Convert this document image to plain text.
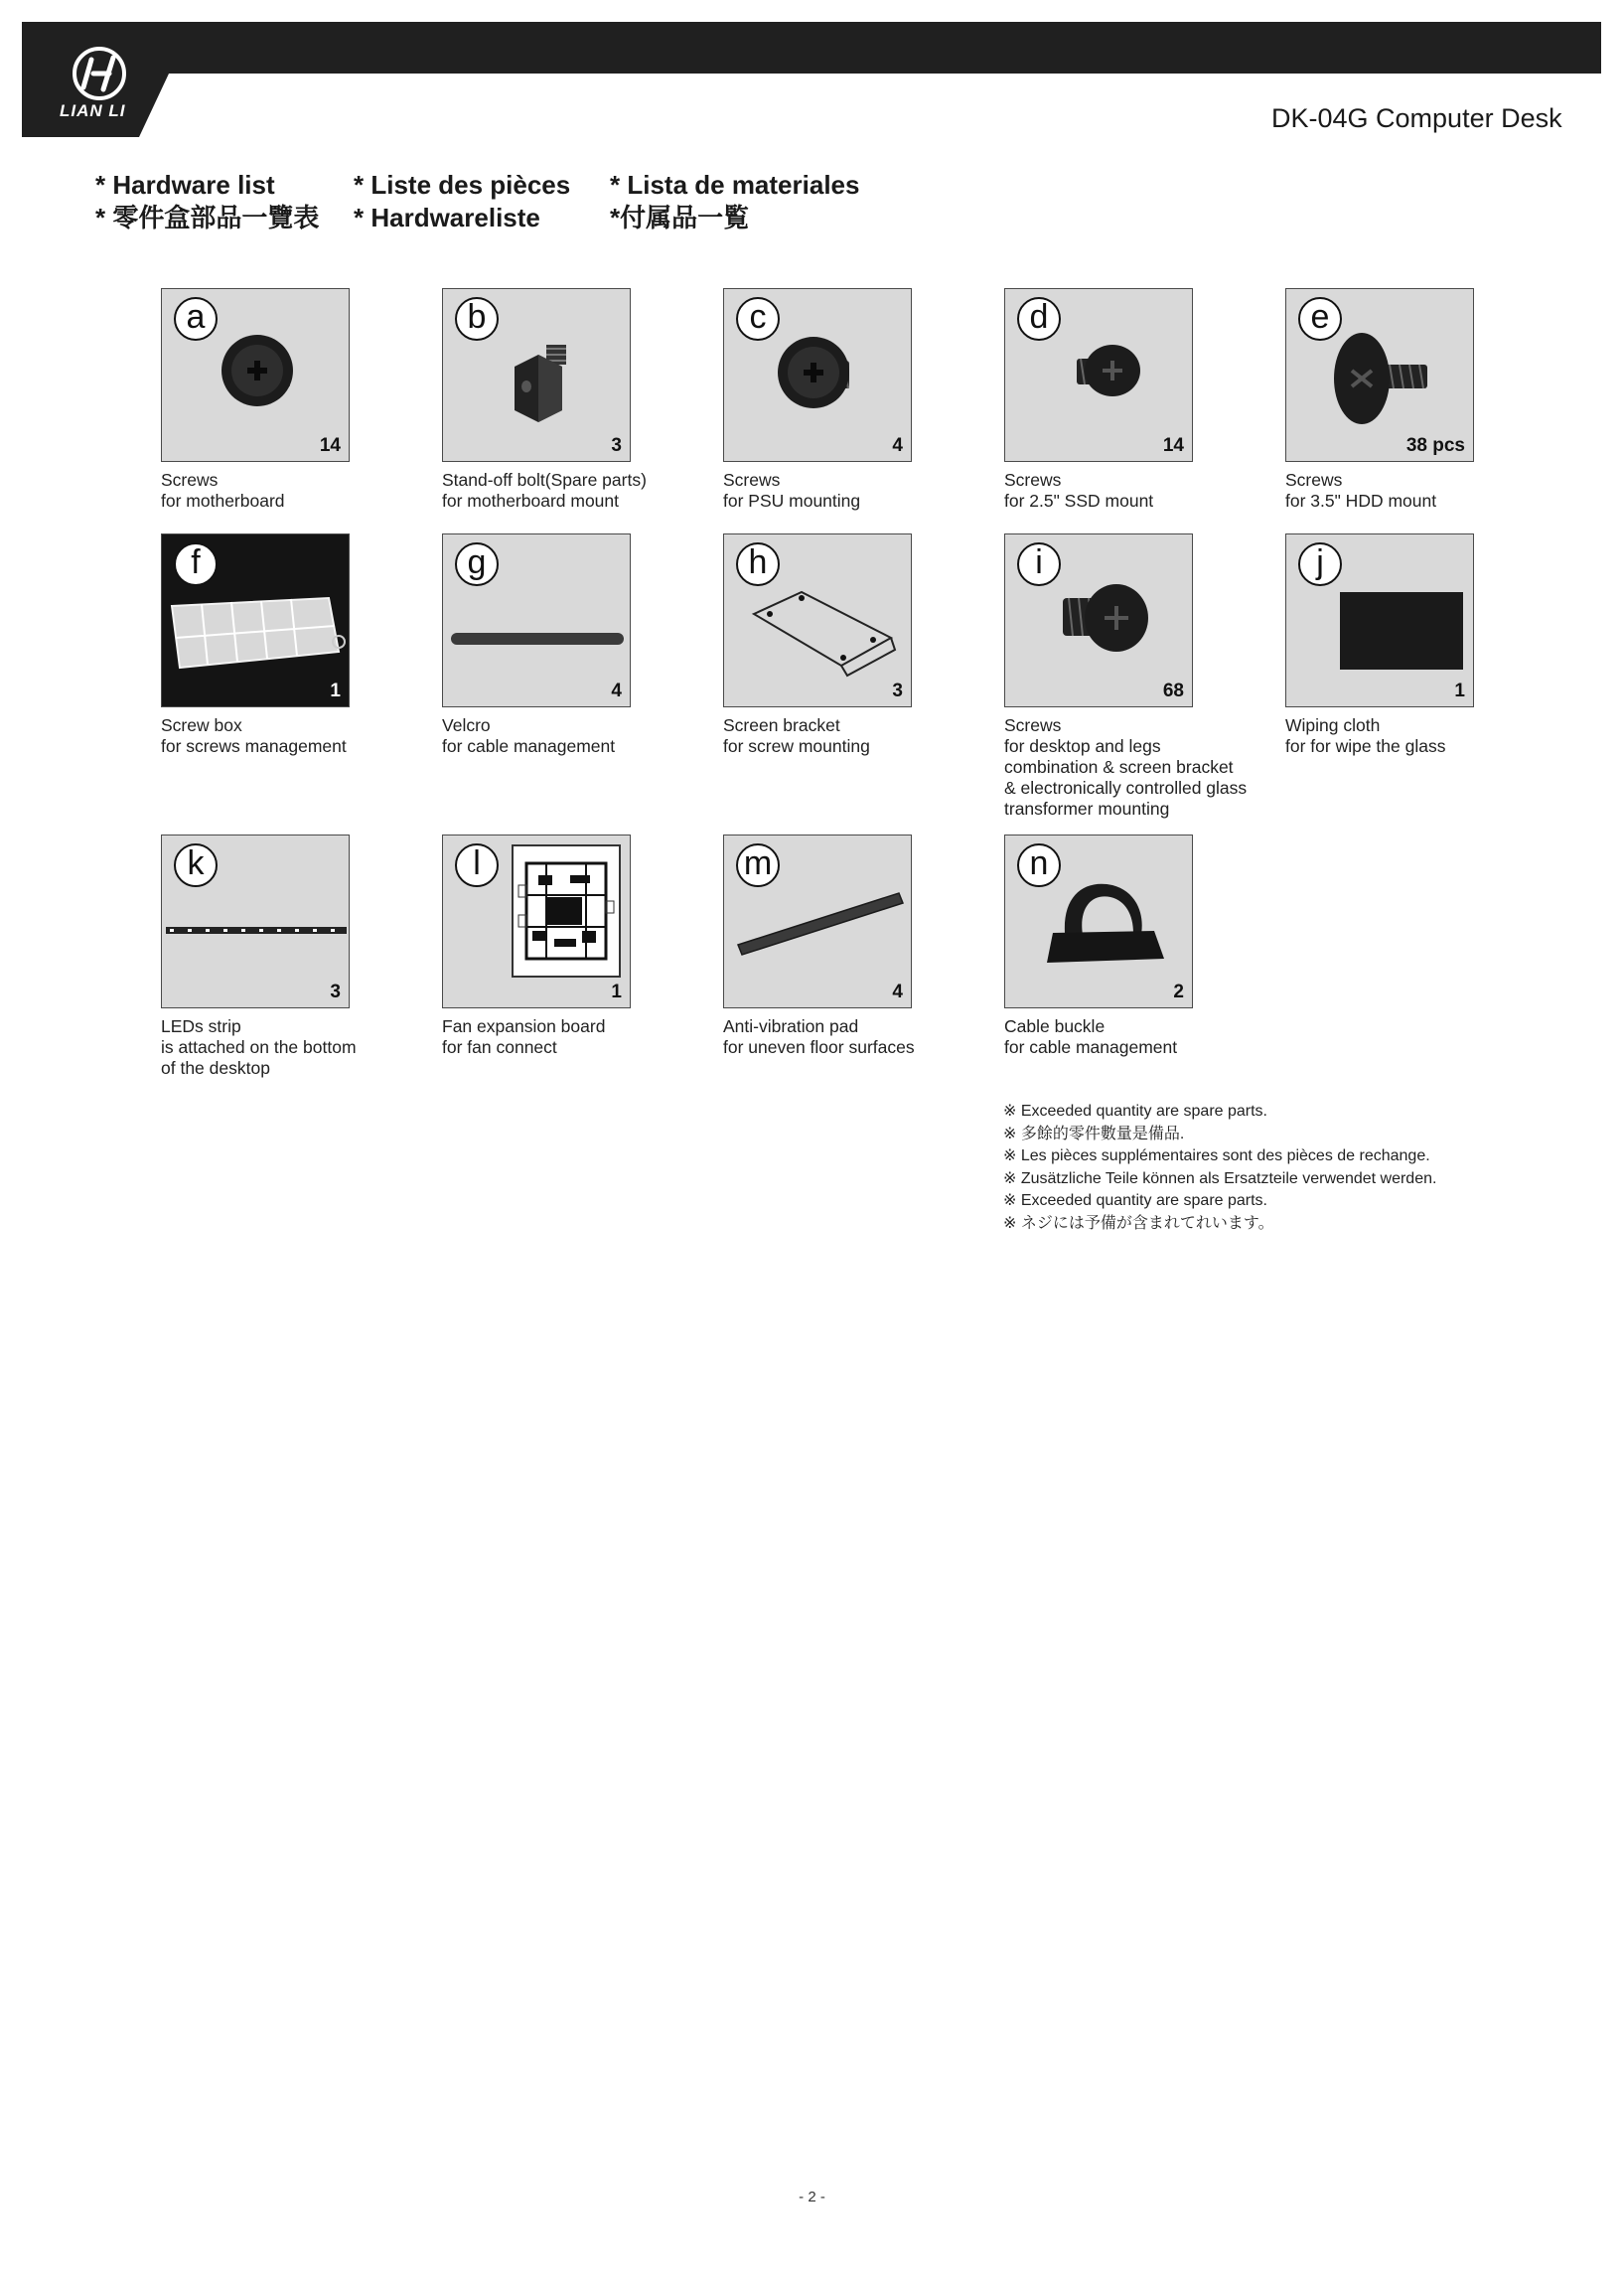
LIAN LI	DK-04G Computer Desk
* Hardware list
* 零件盒部品一覽表
* Liste des pièces
* Hardwareliste
* Lista de materiales
*付属品一覧
a
14
Screws
for motherboard
b
3
Stand-off bolt(Spare parts)
for motherboard mount
c
4
Screws
for PSU mounting
d
14
Screws
for 2.5" SSD mount
e
38 pcs
Screws
for 3.5" HDD mount
f
1
Screw box
for screws management
g
4
Velcro
for cable management
h
3
Screen bracket
for screw mounting
i
68
Screws
for desktop and legs
combination & screen bracket
& electronically controlled glass
transformer mounting
j
1
Wiping cloth
for for wipe the glass
k
3
LEDs strip
is attached on the bottom
of the desktop
l
1
Fan expansion board
for fan connect
m
4
Anti-vibration pad
for uneven floor surfaces
n
2
Cable buckle
for cable management
※ Exceeded quantity are spare parts.
※ 多餘的零件數量是備品.
※ Les pièces supplémentaires sont des pièces de rechange.
※ Zusätzliche Teile können als Ersatzteile verwendet werden.
※ Exceeded quantity are spare parts.
※ ネジには予備が含まれてれいます。
- 2 -
